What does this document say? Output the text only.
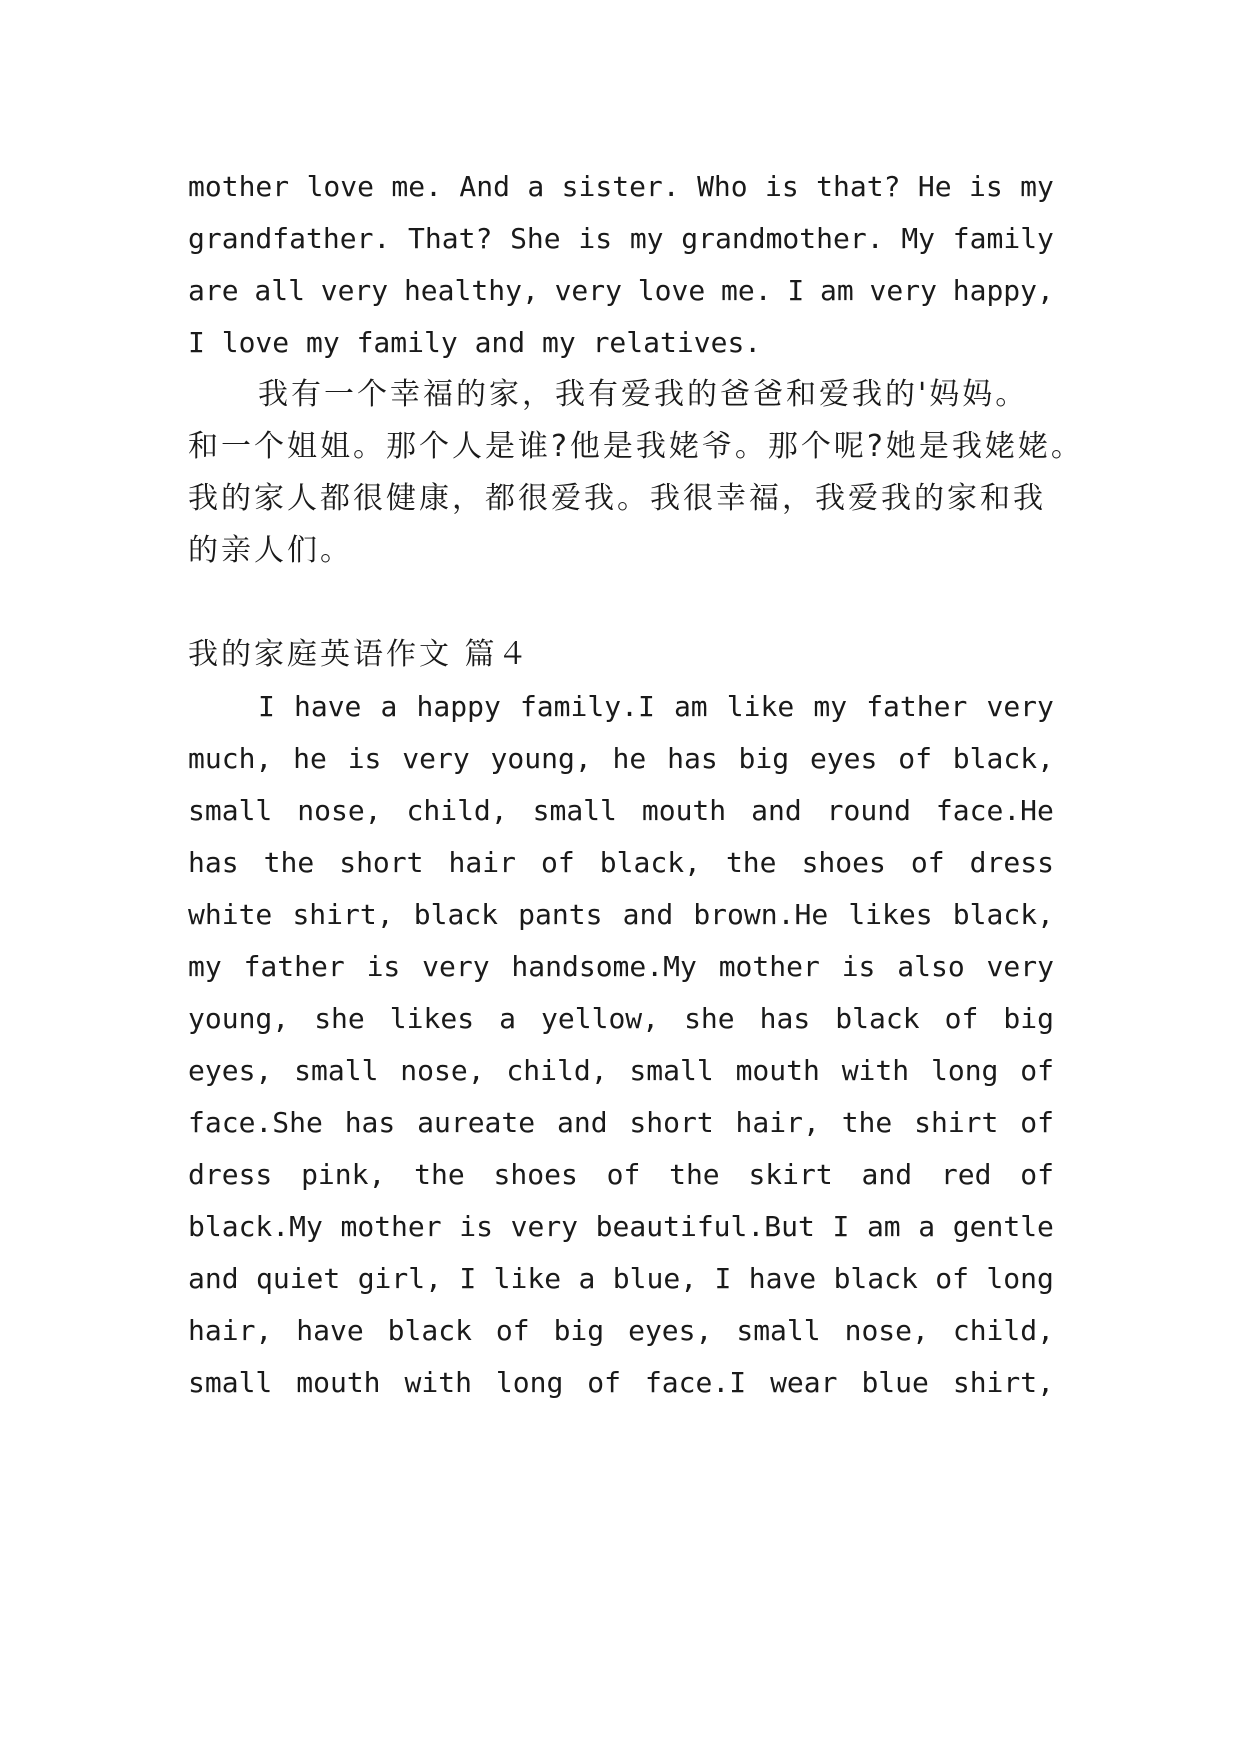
mother love me. And a sister. Who is that? He is my
grandfather. That? She is my grandmother. My family
are all very healthy, very love me. I am very happy,
I love my family and my relatives.
我有一个幸福的家，我有爱我的爸爸和爱我的'妈妈。
和一个姐姐。那个人是谁?他是我姥爷。那个呢?她是我姥姥。
我的家人都很健康，都很爱我。我很幸福，我爱我的家和我
的亲人们。
我的家庭英语作文 篇４
I have a happy family.I am like my father very
much, he is very young, he has big eyes of black,
small nose, child, small mouth and round face.He
has the short hair of black, the shoes of dress
white shirt, black pants and brown.He likes black,
my father is very handsome.My mother is also very
young, she likes a yellow, she has black of big
eyes, small nose, child, small mouth with long of
face.She has aureate and short hair, the shirt of
dress pink, the shoes of the skirt and red of
black.My mother is very beautiful.But I am a gentle
and quiet girl, I like a blue, I have black of long
hair, have black of big eyes, small nose, child,
small mouth with long of face.I wear blue shirt,
